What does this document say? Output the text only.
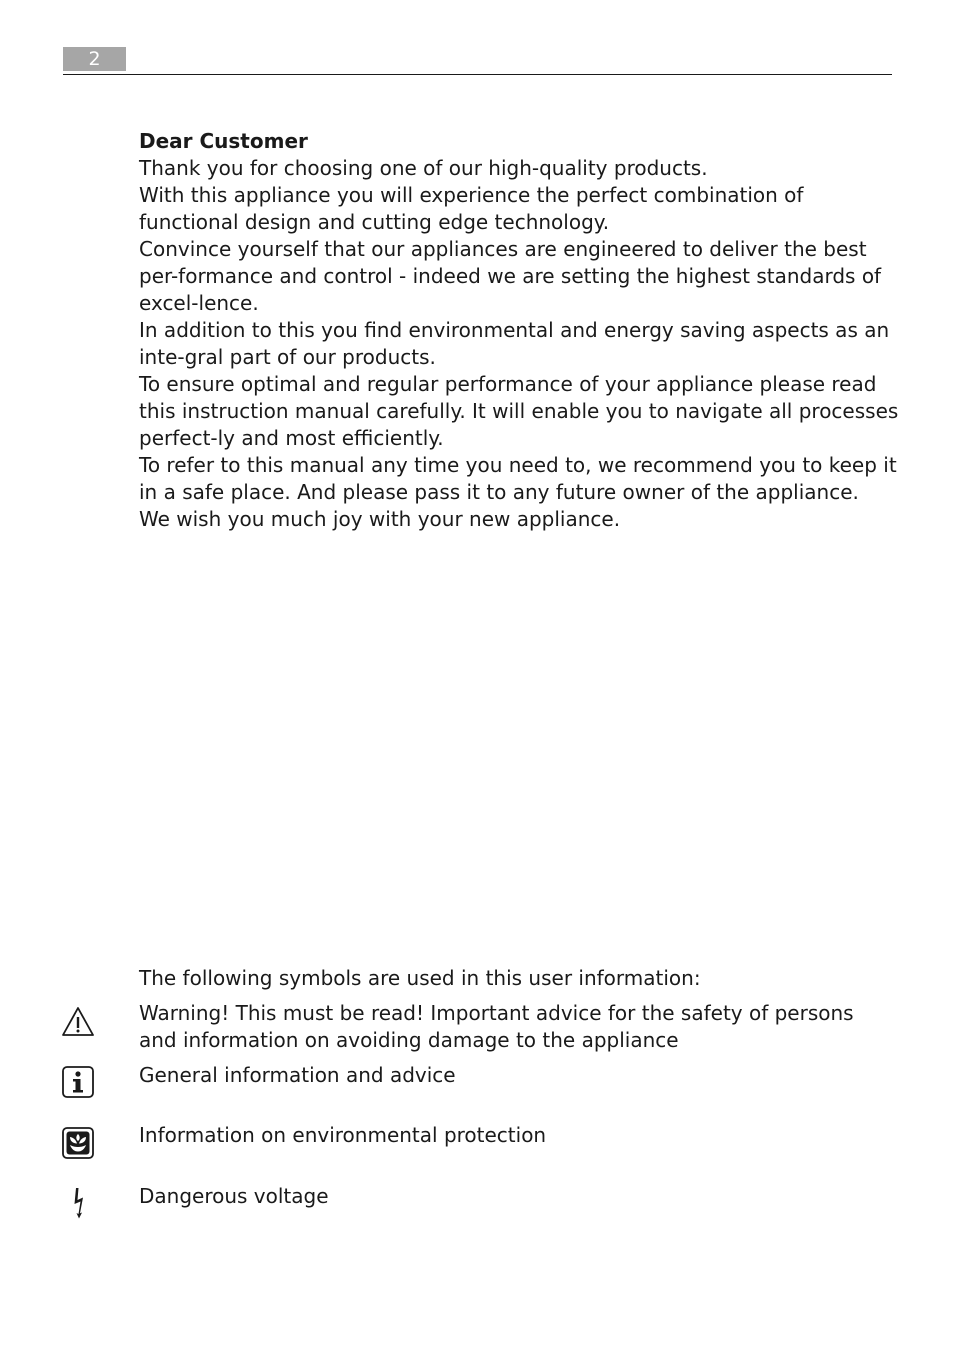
2

Dear Customer

Thank you for choosing one of our high-quality products.

With this appliance you will experience the perfect combination of functional design and cutting edge technology.

Convince yourself that our appliances are engineered to deliver the best per-formance and control - indeed we are setting the highest standards of excel-lence.

In addition to this you find environmental and energy saving aspects as an inte-gral part of our products.

To ensure optimal and regular performance of your appliance please read this instruction manual carefully. It will enable you to navigate all processes perfect-ly and most efficiently.

To refer to this manual any time you need to, we recommend you to keep it in a safe place. And please pass it to any future owner of the appliance.

We wish you much joy with your new appliance.

The following symbols are used in this user information:
Warning! This must be read! Important advice for the safety of persons and information on avoiding damage to the appliance
General information and advice
Information on environmental protection
Dangerous voltage
